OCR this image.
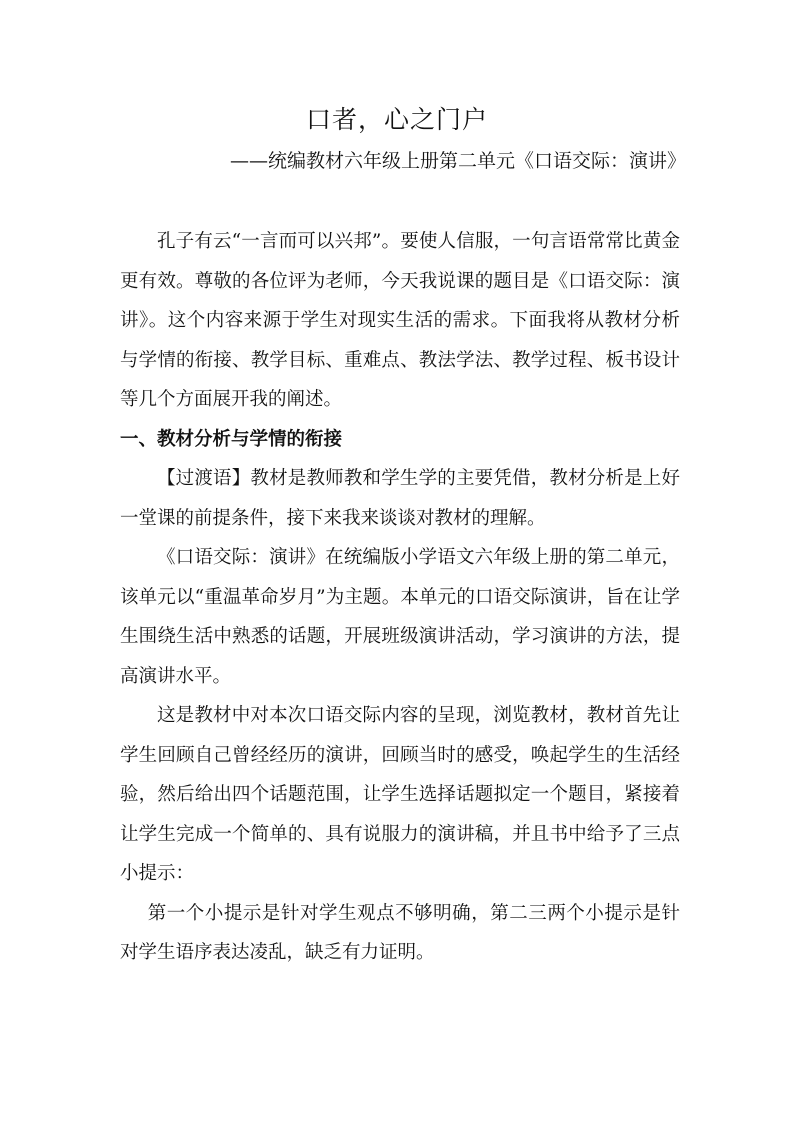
口者，心之门户
——统编教材六年级上册第二单元《口语交际：演讲》

孔子有云“一言而可以兴邦”。要使人信服，一句言语常常比黄金更有效。尊敬的各位评为老师，今天我说课的题目是《口语交际：演讲》。这个内容来源于学生对现实生活的需求。下面我将从教材分析与学情的衔接、教学目标、重难点、教法学法、教学过程、板书设计等几个方面展开我的阐述。

一、教材分析与学情的衔接

【过渡语】教材是教师教和学生学的主要凭借，教材分析是上好一堂课的前提条件，接下来我来谈谈对教材的理解。

《口语交际：演讲》在统编版小学语文六年级上册的第二单元，该单元以“重温革命岁月”为主题。本单元的口语交际演讲，旨在让学生围绕生活中熟悉的话题，开展班级演讲活动，学习演讲的方法，提高演讲水平。

这是教材中对本次口语交际内容的呈现，浏览教材，教材首先让学生回顾自己曾经经历的演讲，回顾当时的感受，唤起学生的生活经验，然后给出四个话题范围，让学生选择话题拟定一个题目，紧接着让学生完成一个简单的、具有说服力的演讲稿，并且书中给予了三点小提示：

第一个小提示是针对学生观点不够明确，第二三两个小提示是针对学生语序表达凌乱，缺乏有力证明。
